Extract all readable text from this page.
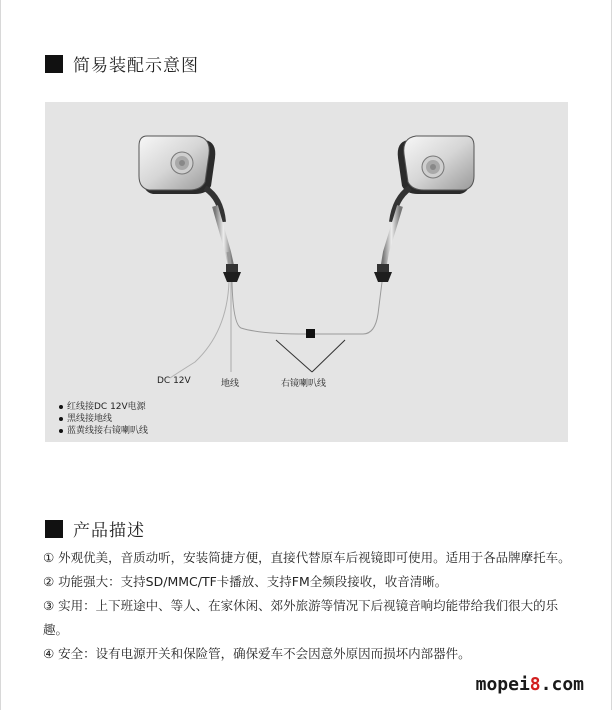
简易装配示意图
DC 12V	地线	右镜喇叭线
红线接DC 12V电源
黑线接地线
蓝黄线接右镜喇叭线
产品描述

① 外观优美，音质动听，安装简捷方便，直接代替原车后视镜即可使用。适用于各品牌摩托车。

② 功能强大：支持SD/MMC/TF卡播放、支持FM全频段接收，收音清晰。

③ 实用：上下班途中、等人、在家休闲、郊外旅游等情况下后视镜音响均能带给我们很大的乐趣。

④ 安全：设有电源开关和保险管，确保爱车不会因意外原因而损坏内部器件。

mopei8.com
